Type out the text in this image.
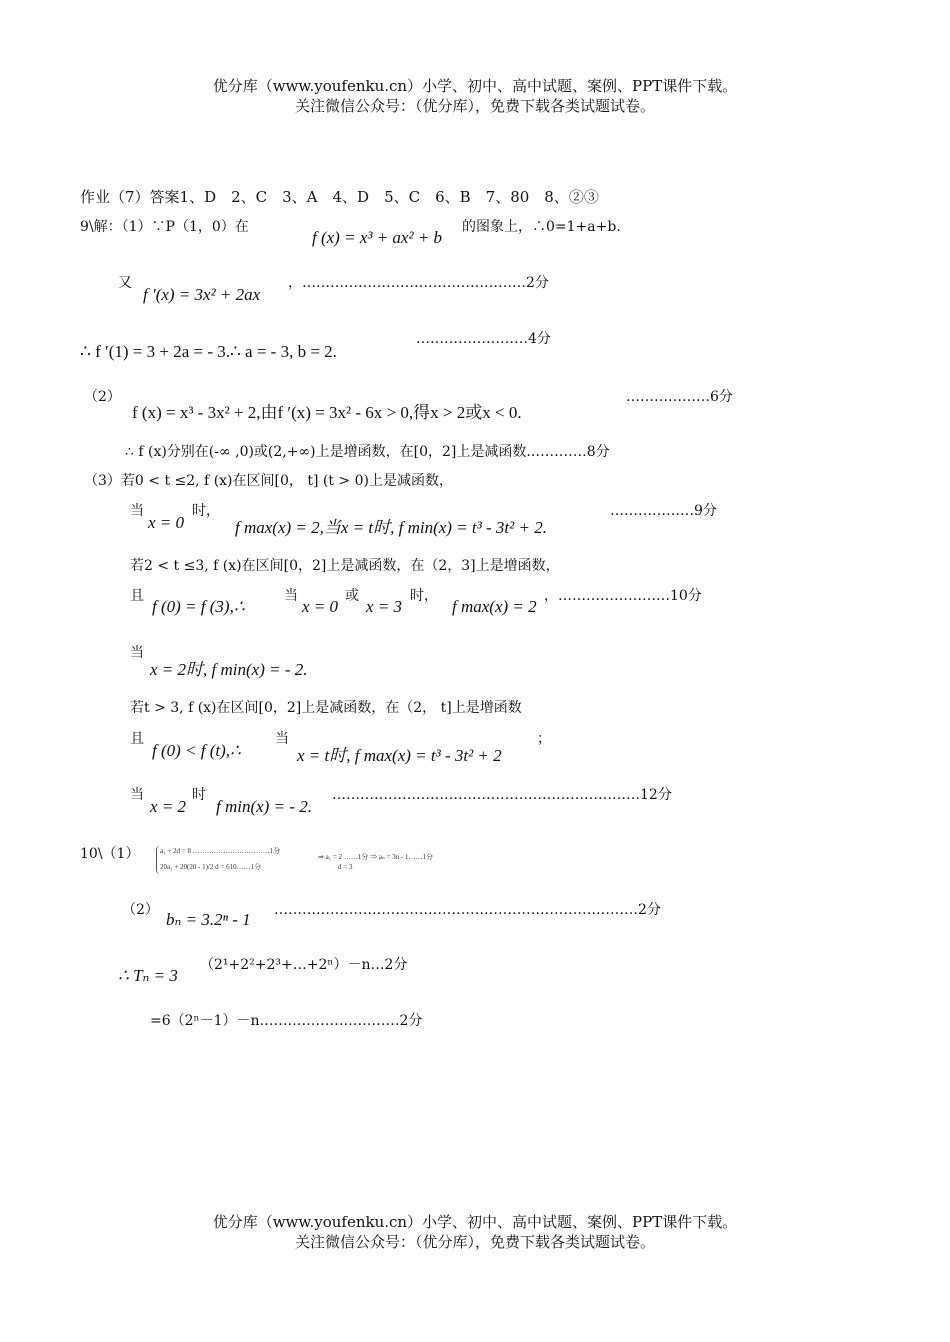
优分库（www.youfenku.cn）小学、初中、高中试题、案例、PPT课件下载。
关注微信公众号：（优分库），免费下载各类试题试卷。
作业（7）答案1、D　2、C　3、A　4、D　5、C　6、B　7、80　8、②③
9\解：（1）∵P（1，0）在
f (x) = x³ + ax² + b
的图象上，∴0=1+a+b.
又
f ′(x) = 3x² + 2ax
，…………………………………………2分
∴ f ′(1) = 3 + 2a = - 3.∴ a = - 3, b = 2.
……………………4分
（2）
f (x) = x³ - 3x² + 2,由f ′(x) = 3x² - 6x > 0,得x > 2或x < 0.
………………6分
∴ f (x)分别在(-∞ ,0)或(2,+∞)上是增函数，在[0，2]上是减函数.…………8分
（3）若0 < t ≤2, f (x)在区间[0， t] (t > 0)上是减函数，
当
x = 0
时，
f max(x) = 2,当x = t时, f min(x) = t³ - 3t² + 2.
………………9分
若2 < t ≤3, f (x)在区间[0，2]上是减函数，在（2，3]上是增函数，
且
f (0) = f (3),∴
当
x = 0
或
x = 3
时，
f max(x) = 2
，……………………10分
当
x = 2时, f min(x) = - 2.
若t > 3, f (x)在区间[0，2]上是减函数，在（2， t]上是增函数
且
f (0) < f (t),∴
当
x = t时, f max(x) = t³ - 3t² + 2
；
当
x = 2
时
f min(x) = - 2.
…………………………………………………………12分
10\（1）	a₁ + 2d = 8 ……………………………1分
20a₁ + 20(20 - 1)/2 d = 610……1分
⇒ a₁ = 2 ……1分 ⇒ aₙ = 3n - 1……1分
d = 3
（2） bₙ = 3.2ⁿ - 1 ……………………………………………………………………2分
∴ Tₙ = 3
（2¹+2²+2³+…+2ⁿ）－n…2分
=6（2ⁿ－1）－n…………………………2分
优分库（www.youfenku.cn）小学、初中、高中试题、案例、PPT课件下载。
关注微信公众号：（优分库），免费下载各类试题试卷。
